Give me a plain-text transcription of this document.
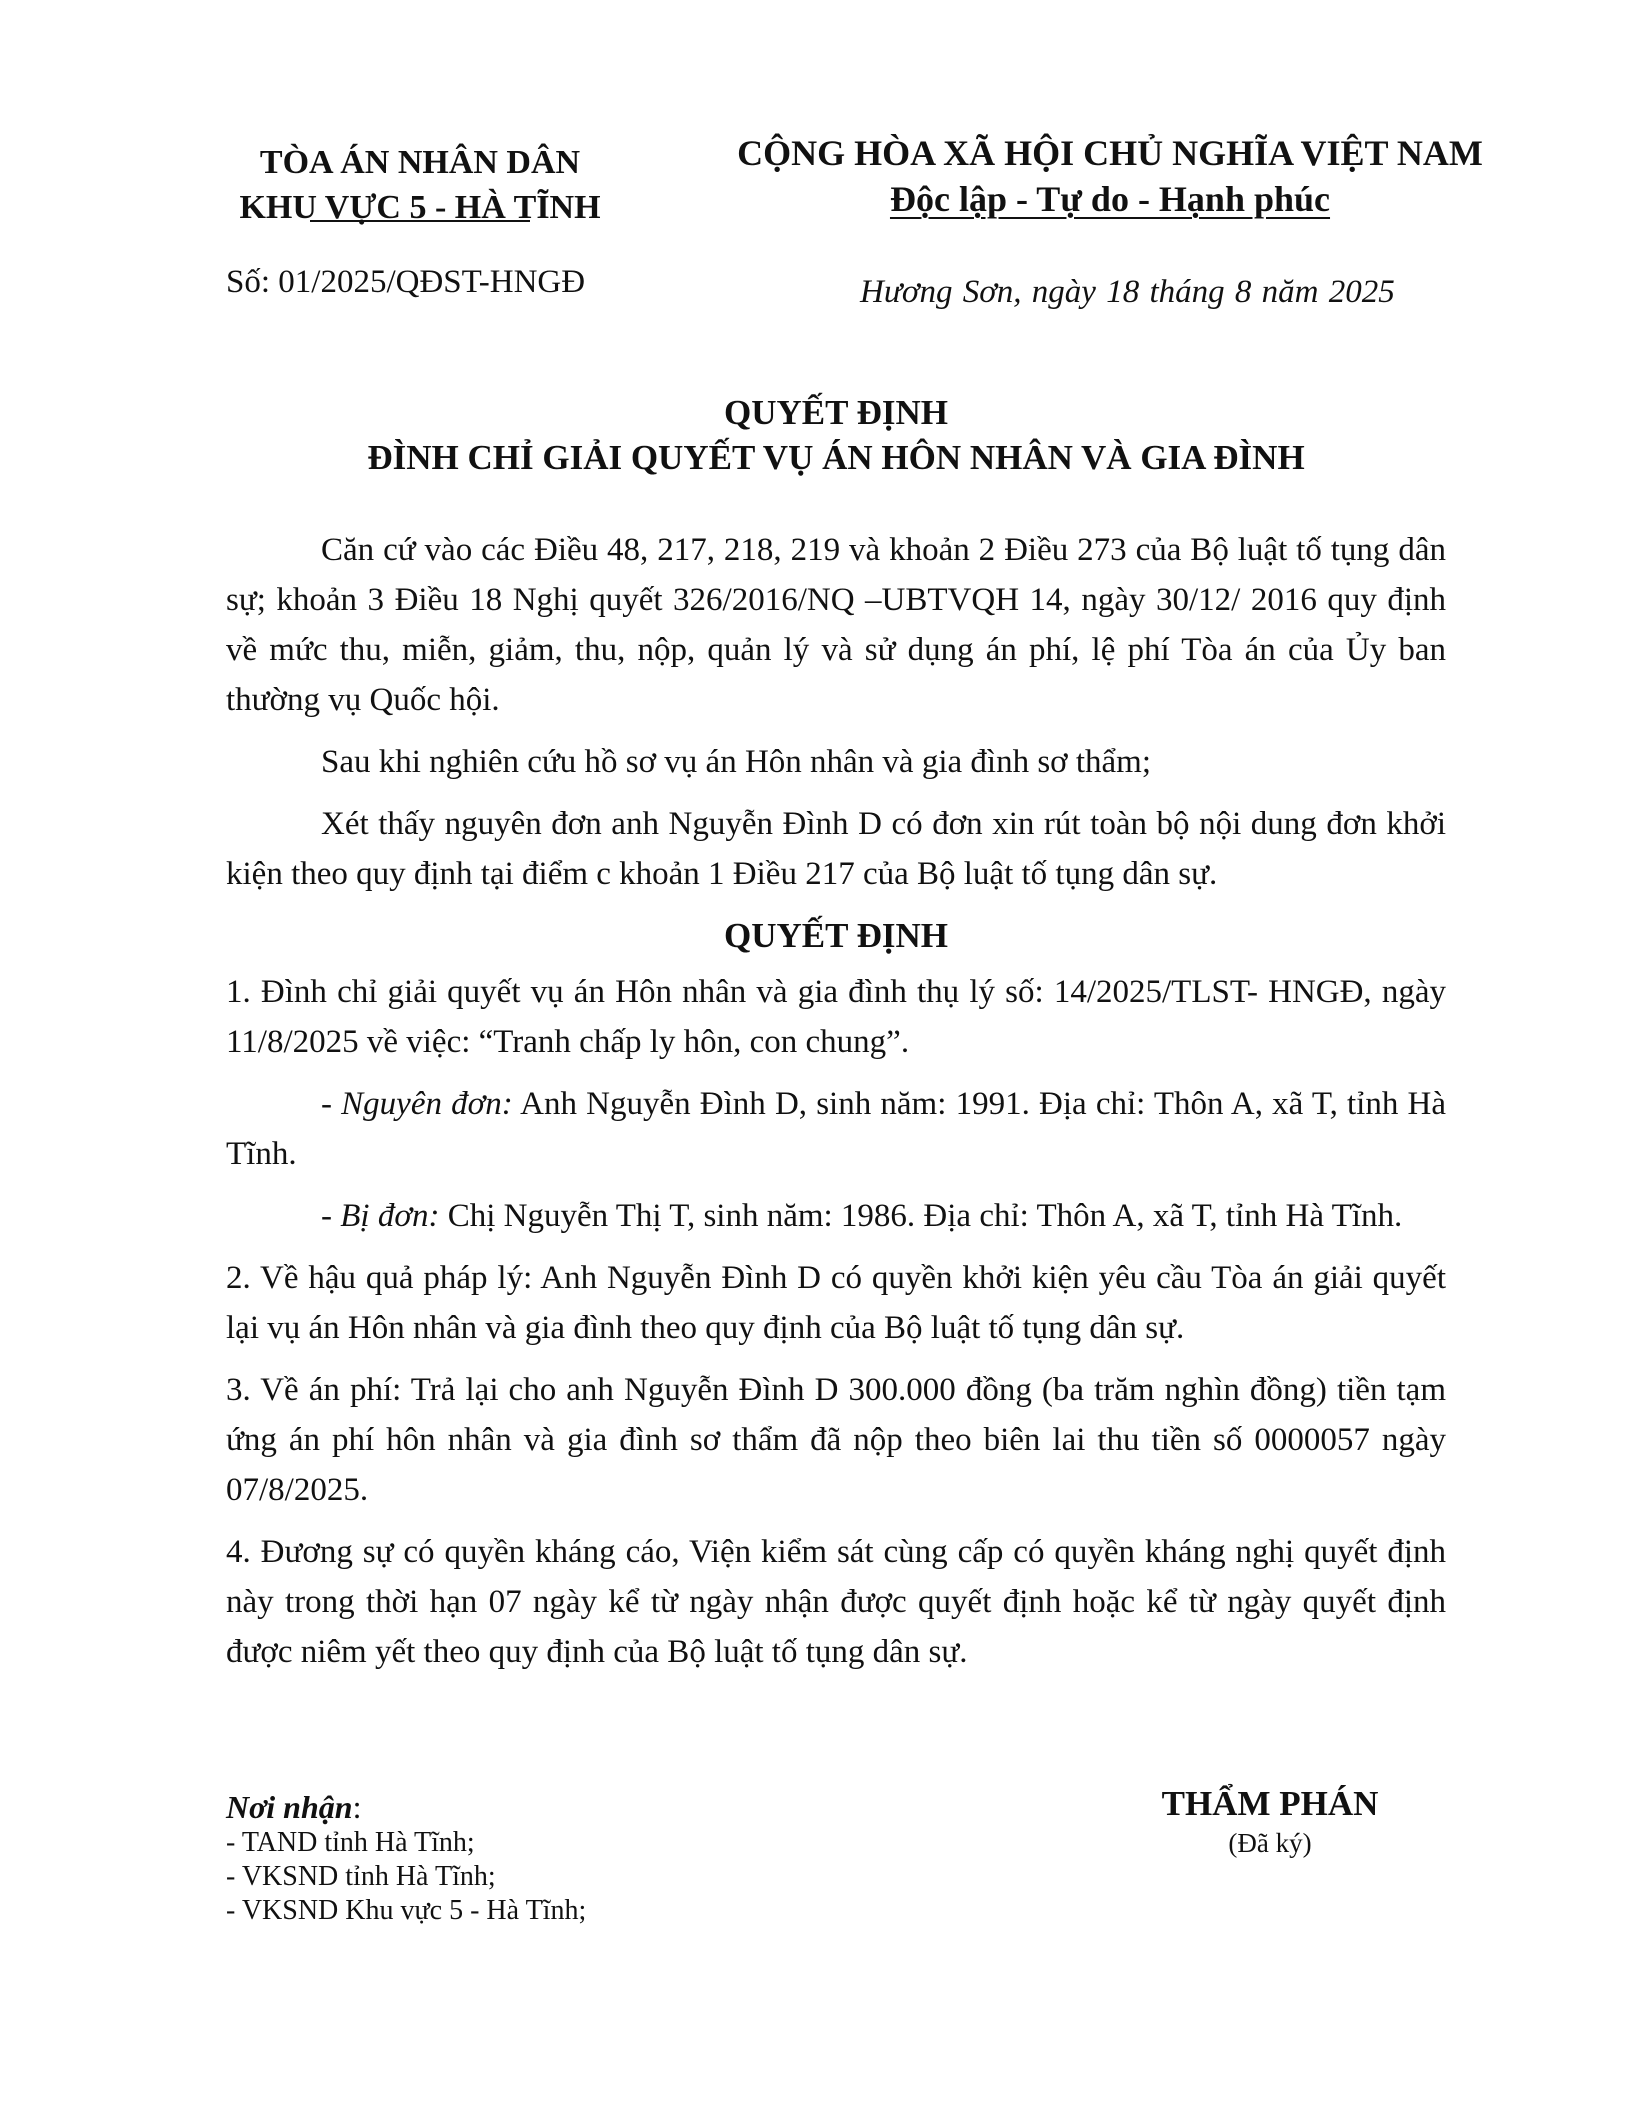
TÒA ÁN NHÂN DÂN

KHU VỰC 5 - HÀ TĨNH
CỘNG HÒA XÃ HỘI CHỦ NGHĨA VIỆT NAM
Độc lập - Tự do - Hạnh phúc
Số: 01/2025/QĐST-HNGĐ	Hương Sơn, ngày 18 tháng 8 năm 2025
QUYẾT ĐỊNH
ĐÌNH CHỈ GIẢI QUYẾT VỤ ÁN HÔN NHÂN VÀ GIA ĐÌNH

Căn cứ vào các Điều 48, 217, 218, 219 và khoản 2 Điều 273 của Bộ luật tố tụng dân sự; khoản 3 Điều 18 Nghị quyết 326/2016/NQ –UBTVQH 14, ngày 30/12/ 2016 quy định về mức thu, miễn, giảm, thu, nộp, quản lý và sử dụng án phí, lệ phí Tòa án của Ủy ban thường vụ Quốc hội.

Sau khi nghiên cứu hồ sơ vụ án Hôn nhân và gia đình sơ thẩm;

Xét thấy nguyên đơn anh Nguyễn Đình D có đơn xin rút toàn bộ nội dung đơn khởi kiện theo quy định tại điểm c khoản 1 Điều 217 của Bộ luật tố tụng dân sự.

QUYẾT ĐỊNH

1. Đình chỉ giải quyết vụ án Hôn nhân và gia đình thụ lý số: 14/2025/TLST- HNGĐ, ngày 11/8/2025 về việc: “Tranh chấp ly hôn, con chung”.

- Nguyên đơn: Anh Nguyễn Đình D, sinh năm: 1991. Địa chỉ: Thôn A, xã T, tỉnh Hà Tĩnh.

- Bị đơn: Chị Nguyễn Thị T, sinh năm: 1986. Địa chỉ: Thôn A, xã T, tỉnh Hà Tĩnh.

2. Về hậu quả pháp lý: Anh Nguyễn Đình D có quyền khởi kiện yêu cầu Tòa án giải quyết lại vụ án Hôn nhân và gia đình theo quy định của Bộ luật tố tụng dân sự.

3. Về án phí: Trả lại cho anh Nguyễn Đình D 300.000 đồng (ba trăm nghìn đồng) tiền tạm ứng án phí hôn nhân và gia đình sơ thẩm đã nộp theo biên lai thu tiền số 0000057 ngày 07/8/2025.

4. Đương sự có quyền kháng cáo, Viện kiểm sát cùng cấp có quyền kháng nghị quyết định này trong thời hạn 07 ngày kể từ ngày nhận được quyết định hoặc kể từ ngày quyết định được niêm yết theo quy định của Bộ luật tố tụng dân sự.

Nơi nhận:
- TAND tỉnh Hà Tĩnh;
- VKSND tỉnh Hà Tĩnh;
- VKSND Khu vực 5 - Hà Tĩnh;
THẨM PHÁN
(Đã ký)
